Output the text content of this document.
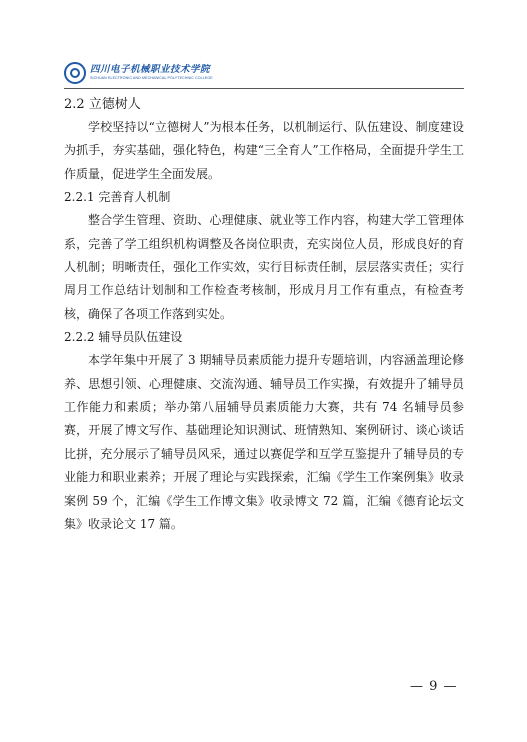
四川电子机械职业技术学院
SICHUAN ELECTRONIC AND MECHANICAL POLYTECHNIC COLLEGE
2.2 立德树人

学校坚持以“立德树人”为根本任务，以机制运行、队伍建设、制度建设为抓手，夯实基础，强化特色，构建“三全育人”工作格局，全面提升学生工作质量，促进学生全面发展。

2.2.1 完善育人机制

整合学生管理、资助、心理健康、就业等工作内容，构建大学工管理体系，完善了学工组织机构调整及各岗位职责，充实岗位人员，形成良好的育人机制；明晰责任，强化工作实效，实行目标责任制，层层落实责任；实行周月工作总结计划制和工作检查考核制，形成月月工作有重点，有检查考核，确保了各项工作落到实处。

2.2.2 辅导员队伍建设

本学年集中开展了 3 期辅导员素质能力提升专题培训，内容涵盖理论修养、思想引领、心理健康、交流沟通、辅导员工作实操，有效提升了辅导员工作能力和素质；举办第八届辅导员素质能力大赛，共有 74 名辅导员参赛，开展了博文写作、基础理论知识测试、班情熟知、案例研讨、谈心谈话比拼，充分展示了辅导员风采，通过以赛促学和互学互鉴提升了辅导员的专业能力和职业素养；开展了理论与实践探索，汇编《学生工作案例集》收录案例 59 个，汇编《学生工作博文集》收录博文 72 篇，汇编《德育论坛文集》收录论文 17 篇。

— 9 —
